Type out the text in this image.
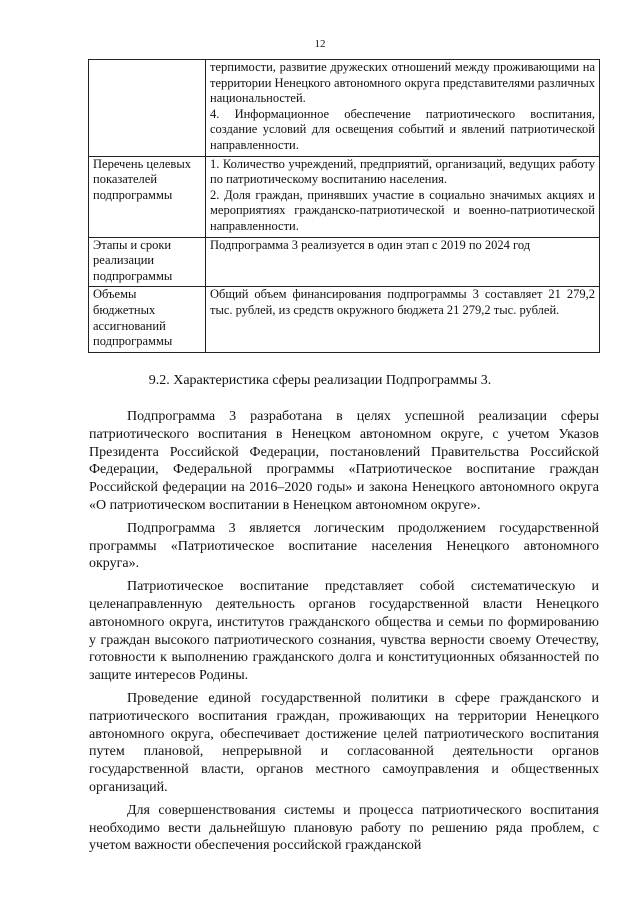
12

	терпимости, развитие дружеских отношений между проживающими на территории Ненецкого автономного округа представителями различных национальностей.
4. Информационное обеспечение патриотического воспитания, создание условий для освещения событий и явлений патриотической направленности.

Перечень целевых показателей подпрограммы	1. Количество учреждений, предприятий, организаций, ведущих работу по патриотическому воспитанию населения.
2. Доля граждан, принявших участие в социально значимых акциях и мероприятиях гражданско-патриотической и военно-патриотической направленности.

Этапы и сроки реализации подпрограммы	Подпрограмма 3 реализуется в один этап с 2019 по 2024 год

Объемы бюджетных ассигнований подпрограммы	Общий объем финансирования подпрограммы 3 составляет 21 279,2 тыс. рублей, из средств окружного бюджета 21 279,2 тыс. рублей.
9.2. Характеристика сферы реализации Подпрограммы 3.

Подпрограмма 3 разработана в целях успешной реализации сферы патриотического воспитания в Ненецком автономном округе, с учетом Указов Президента Российской Федерации, постановлений Правительства Российской Федерации, Федеральной программы «Патриотическое воспитание граждан Российской федерации на 2016–2020 годы» и закона Ненецкого автономного округа «О патриотическом воспитании в Ненецком автономном округе».

Подпрограмма 3 является логическим продолжением государственной программы «Патриотическое воспитание населения Ненецкого автономного округа».

Патриотическое воспитание представляет собой систематическую и целенаправленную деятельность органов государственной власти Ненецкого автономного округа, институтов гражданского общества и семьи по формированию у граждан высокого патриотического сознания, чувства верности своему Отечеству, готовности к выполнению гражданского долга и конституционных обязанностей по защите интересов Родины.

Проведение единой государственной политики в сфере гражданского и патриотического воспитания граждан, проживающих на территории Ненецкого автономного округа, обеспечивает достижение целей патриотического воспитания путем плановой, непрерывной и согласованной деятельности органов государственной власти, органов местного самоуправления и общественных организаций.

Для совершенствования системы и процесса патриотического воспитания необходимо вести дальнейшую плановую работу по решению ряда проблем, с учетом важности обеспечения российской гражданской
